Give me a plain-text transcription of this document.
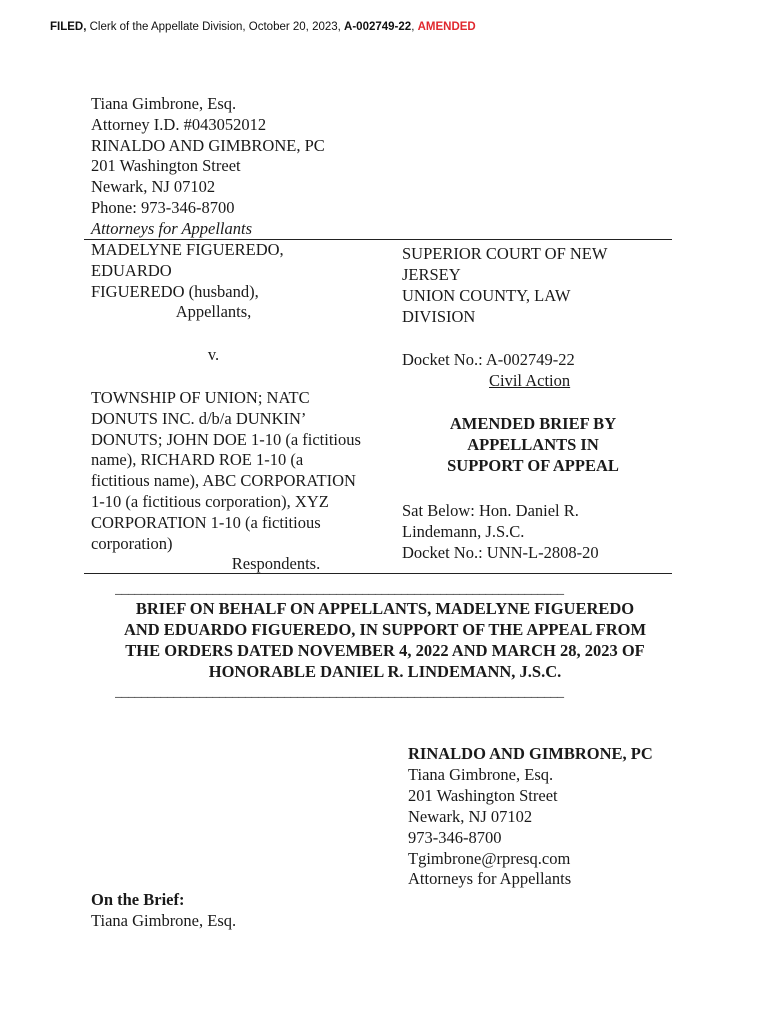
FILED, Clerk of the Appellate Division, October 20, 2023, A-002749-22, AMENDED
Tiana Gimbrone, Esq.
Attorney I.D. #043052012
RINALDO AND GIMBRONE, PC
201 Washington Street
Newark, NJ 07102
Phone: 973-346-8700
Attorneys for Appellants
MADELYNE FIGUEREDO,
EDUARDO
FIGUEREDO (husband),
Appellants,
v.
TOWNSHIP OF UNION; NATC
DONUTS INC. d/b/a DUNKIN’
DONUTS; JOHN DOE 1-10 (a fictitious
name), RICHARD ROE 1-10 (a
fictitious name), ABC CORPORATION
1-10 (a fictitious corporation), XYZ
CORPORATION 1-10 (a fictitious
corporation)
Respondents.
SUPERIOR COURT OF NEW
JERSEY
UNION COUNTY, LAW
DIVISION
Docket No.: A-002749-22
Civil Action
AMENDED BRIEF BY
APPELLANTS IN
SUPPORT OF APPEAL
Sat Below: Hon. Daniel R.
Lindemann, J.S.C.
Docket No.: UNN-L-2808-20
_____________________________________________________________________
BRIEF ON BEHALF ON APPELLANTS, MADELYNE FIGUEREDO
AND EDUARDO FIGUEREDO, IN SUPPORT OF THE APPEAL FROM
THE ORDERS DATED NOVEMBER 4, 2022 AND MARCH 28, 2023 OF
HONORABLE DANIEL R. LINDEMANN, J.S.C.
_____________________________________________________________________
RINALDO AND GIMBRONE, PC
Tiana Gimbrone, Esq.
201 Washington Street
Newark, NJ 07102
973-346-8700
Tgimbrone@rpresq.com
Attorneys for Appellants
On the Brief:
Tiana Gimbrone, Esq.
